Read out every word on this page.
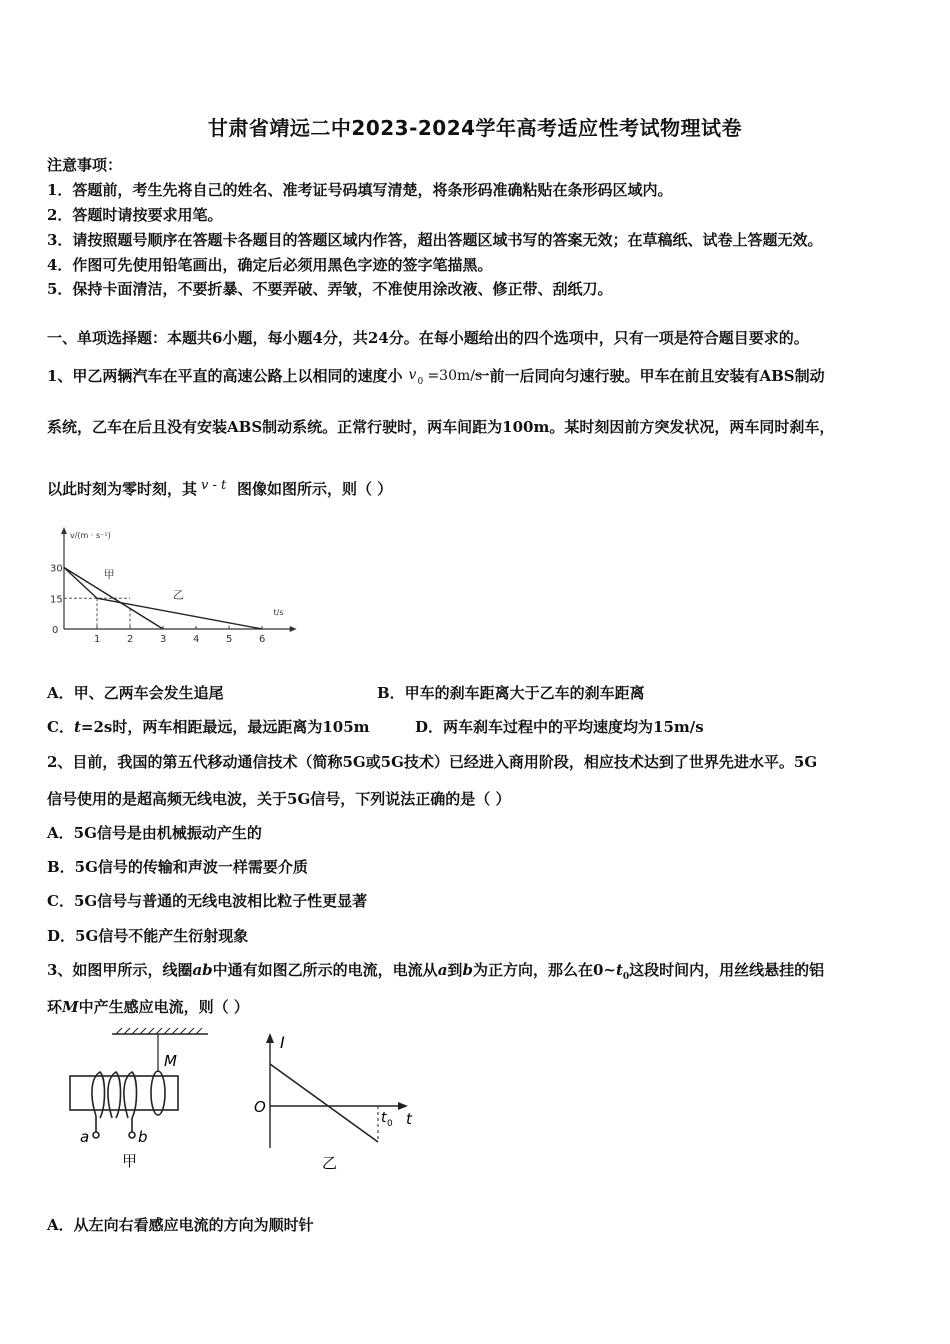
甘肃省靖远二中2023-2024学年高考适应性考试物理试卷
注意事项：
1．答题前，考生先将自己的姓名、准考证号码填写清楚，将条形码准确粘贴在条形码区域内。
2．答题时请按要求用笔。
3．请按照题号顺序在答题卡各题目的答题区域内作答，超出答题区域书写的答案无效；在草稿纸、试卷上答题无效。
4．作图可先使用铅笔画出，确定后必须用黑色字迹的签字笔描黑。
5．保持卡面清洁，不要折暴、不要弄破、弄皱，不准使用涂改液、修正带、刮纸刀。
一、单项选择题：本题共6小题，每小题4分，共24分。在每小题给出的四个选项中，只有一项是符合题目要求的。
1、甲乙两辆汽车在平直的高速公路上以相同的速度小 v 0 =30m/s
一前一后同向匀速行驶。甲车在前且安装有ABS制动
系统，乙车在后且没有安装ABS制动系统。正常行驶时，两车间距为100m。某时刻因前方突发状况，两车同时刹车，
以此时刻为零时刻，其 v - t 图像如图所示，则（ ）
v/(m · s⁻¹)
t/s
0
15
30
1	2	3	4	5	6
甲
乙
A．甲、乙两车会发生追尾	B．甲车的刹车距离大于乙车的刹车距离
C．t=2s时，两车相距最远，最远距离为105m	D．两车刹车过程中的平均速度均为15m/s
2、目前，我国的第五代移动通信技术（简称5G或5G技术）已经进入商用阶段，相应技术达到了世界先进水平。5G
信号使用的是超高频无线电波，关于5G信号，下列说法正确的是（ ）
A．5G信号是由机械振动产生的
B．5G信号的传输和声波一样需要介质
C．5G信号与普通的无线电波相比粒子性更显著
D．5G信号不能产生衍射现象
3、如图甲所示，线圈ab中通有如图乙所示的电流，电流从a到b为正方向，那么在$0\sim t_0$这段时间内，用丝线悬挂的铝
环M中产生感应电流，则（ ）
M
a	b
甲
I
O
t
t 0
乙
A．从左向右看感应电流的方向为顺时针
